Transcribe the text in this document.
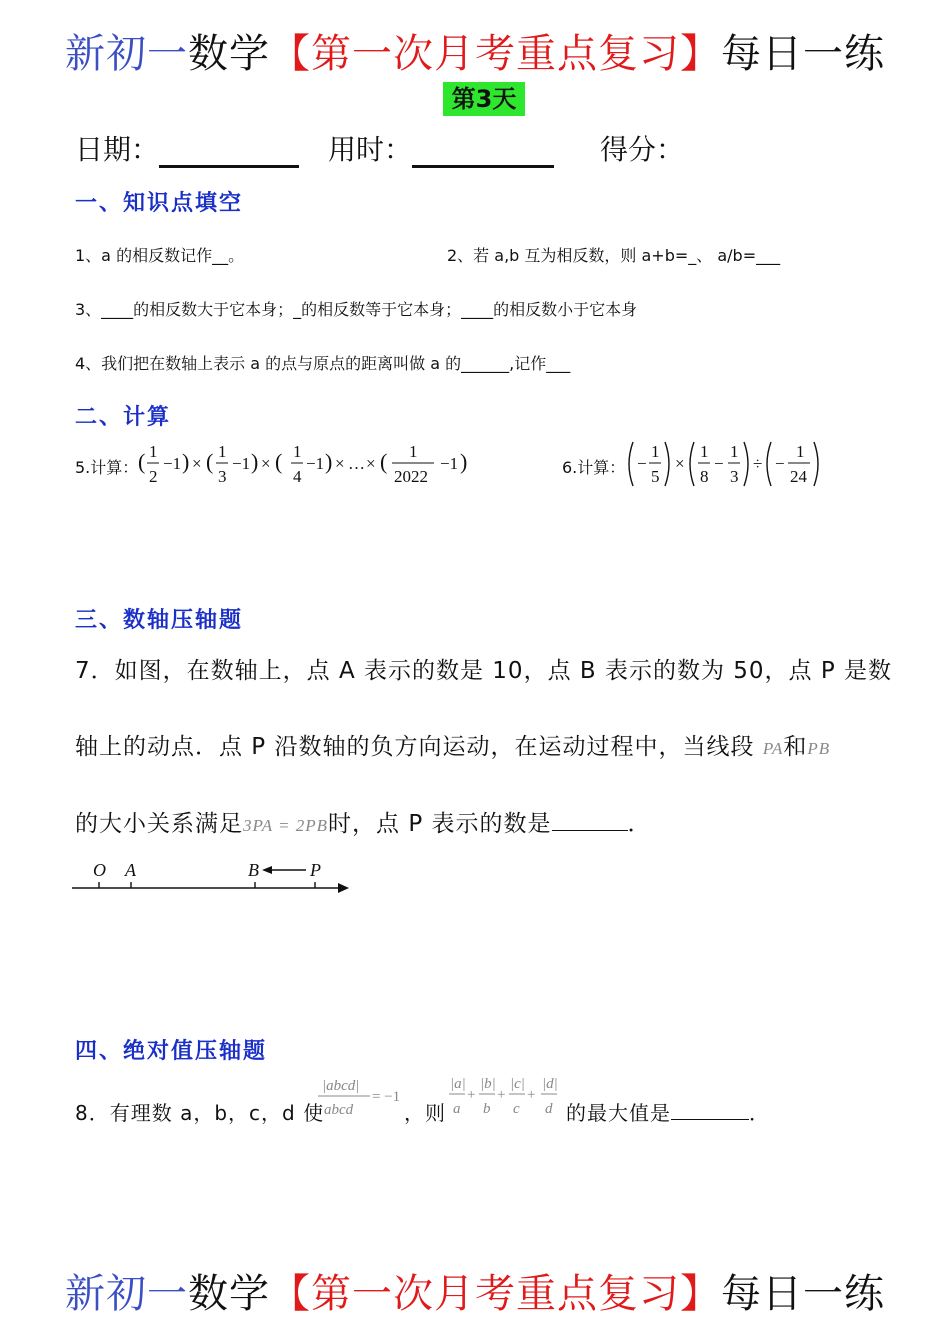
新初一数学【第一次月考重点复习】每日一练
第3天
日期：	用时：	得分：
一、知识点填空
1、a 的相反数记作__。	2、若 a,b 互为相反数，则 a+b=_、 a/b=___
3、____的相反数大于它本身；_的相反数等于它本身；____的相反数小于它本身
4、我们把在数轴上表示 a 的点与原点的距离叫做 a 的______,记作___
二、计算
5.计算： ( 1
2
−1 ) × ( 1
3
−1 ) × ( 1
4
−1 ) × … × ( 1
2022
−1 )	6.计算： −
1
5
×
1
8
−
1
3
÷ −
1
24
三、数轴压轴题
7．如图，在数轴上，点 A 表示的数是 10，点 B 表示的数为 50，点 P 是数
轴上的动点．点 P 沿数轴的负方向运动，在运动过程中，当线段 PA和PB
的大小关系满足3PA = 2PB时，点 P 表示的数是	．
O A	B	P
四、绝对值压轴题
8．有理数 a，b，c，d 使
|abcd|
abcd
= −1
，则
|a|
a
+
|b|
b
+
|c|
c
+
|d|
d 的最大值是	．
新初一数学【第一次月考重点复习】每日一练
